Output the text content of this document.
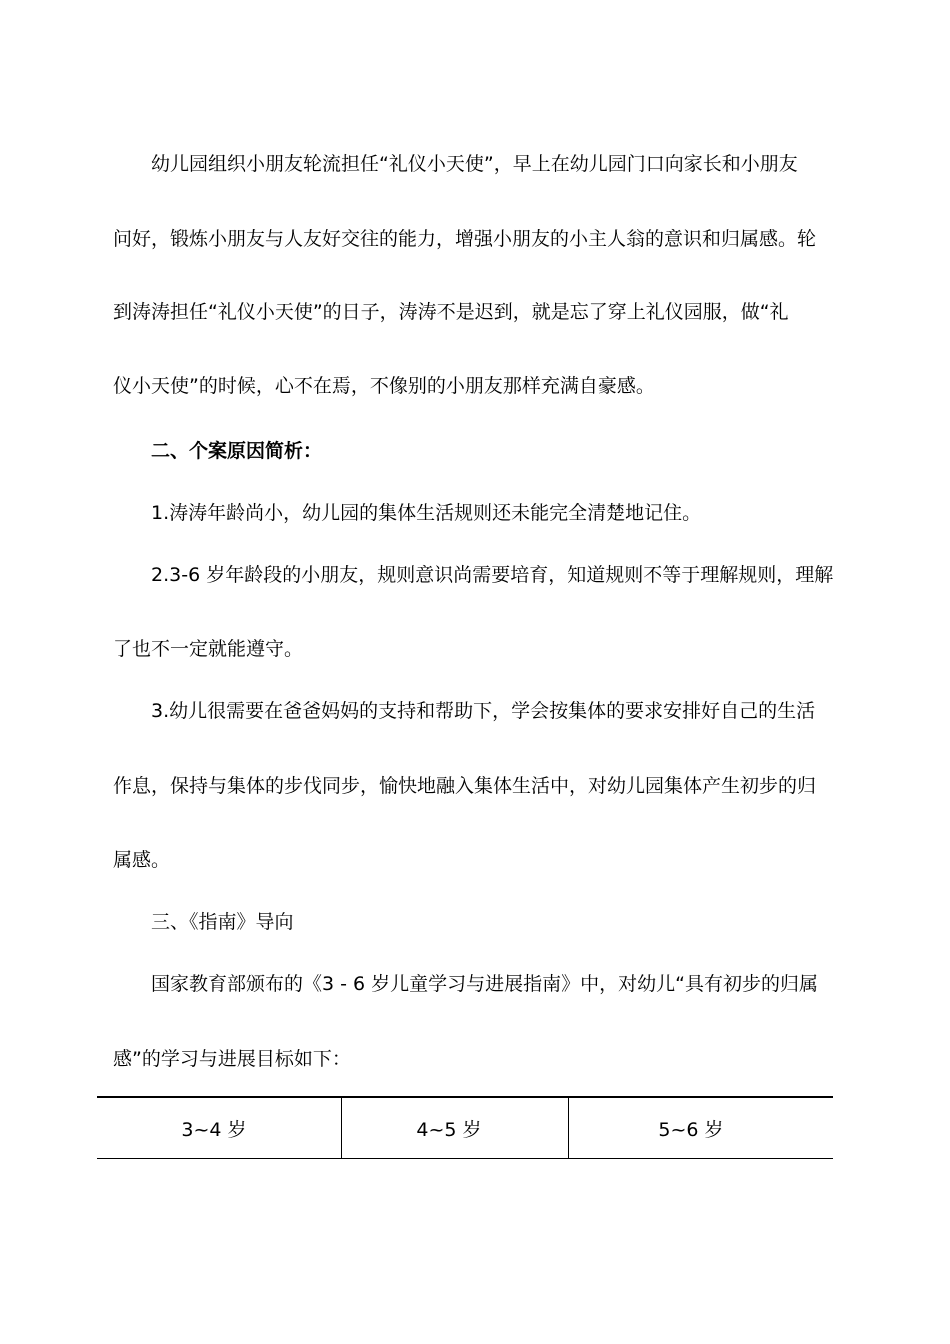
幼儿园组织小朋友轮流担任“礼仪小天使”，早上在幼儿园门口向家长和小朋友
问好，锻炼小朋友与人友好交往的能力，增强小朋友的小主人翁的意识和归属感。轮
到涛涛担任“礼仪小天使”的日子，涛涛不是迟到，就是忘了穿上礼仪园服，做“礼
仪小天使”的时候，心不在焉，不像别的小朋友那样充满自豪感。
二、个案原因简析：
1.涛涛年龄尚小，幼儿园的集体生活规则还未能完全清楚地记住。
2.3-6 岁年龄段的小朋友，规则意识尚需要培育，知道规则不等于理解规则，理解
了也不一定就能遵守。
3.幼儿很需要在爸爸妈妈的支持和帮助下，学会按集体的要求安排好自己的生活
作息，保持与集体的步伐同步，愉快地融入集体生活中，对幼儿园集体产生初步的归
属感。
三、《指南》导向
国家教育部颁布的《3 - 6 岁儿童学习与进展指南》中，对幼儿“具有初步的归属
感”的学习与进展目标如下：
3~4 岁	4~5 岁	5~6 岁
